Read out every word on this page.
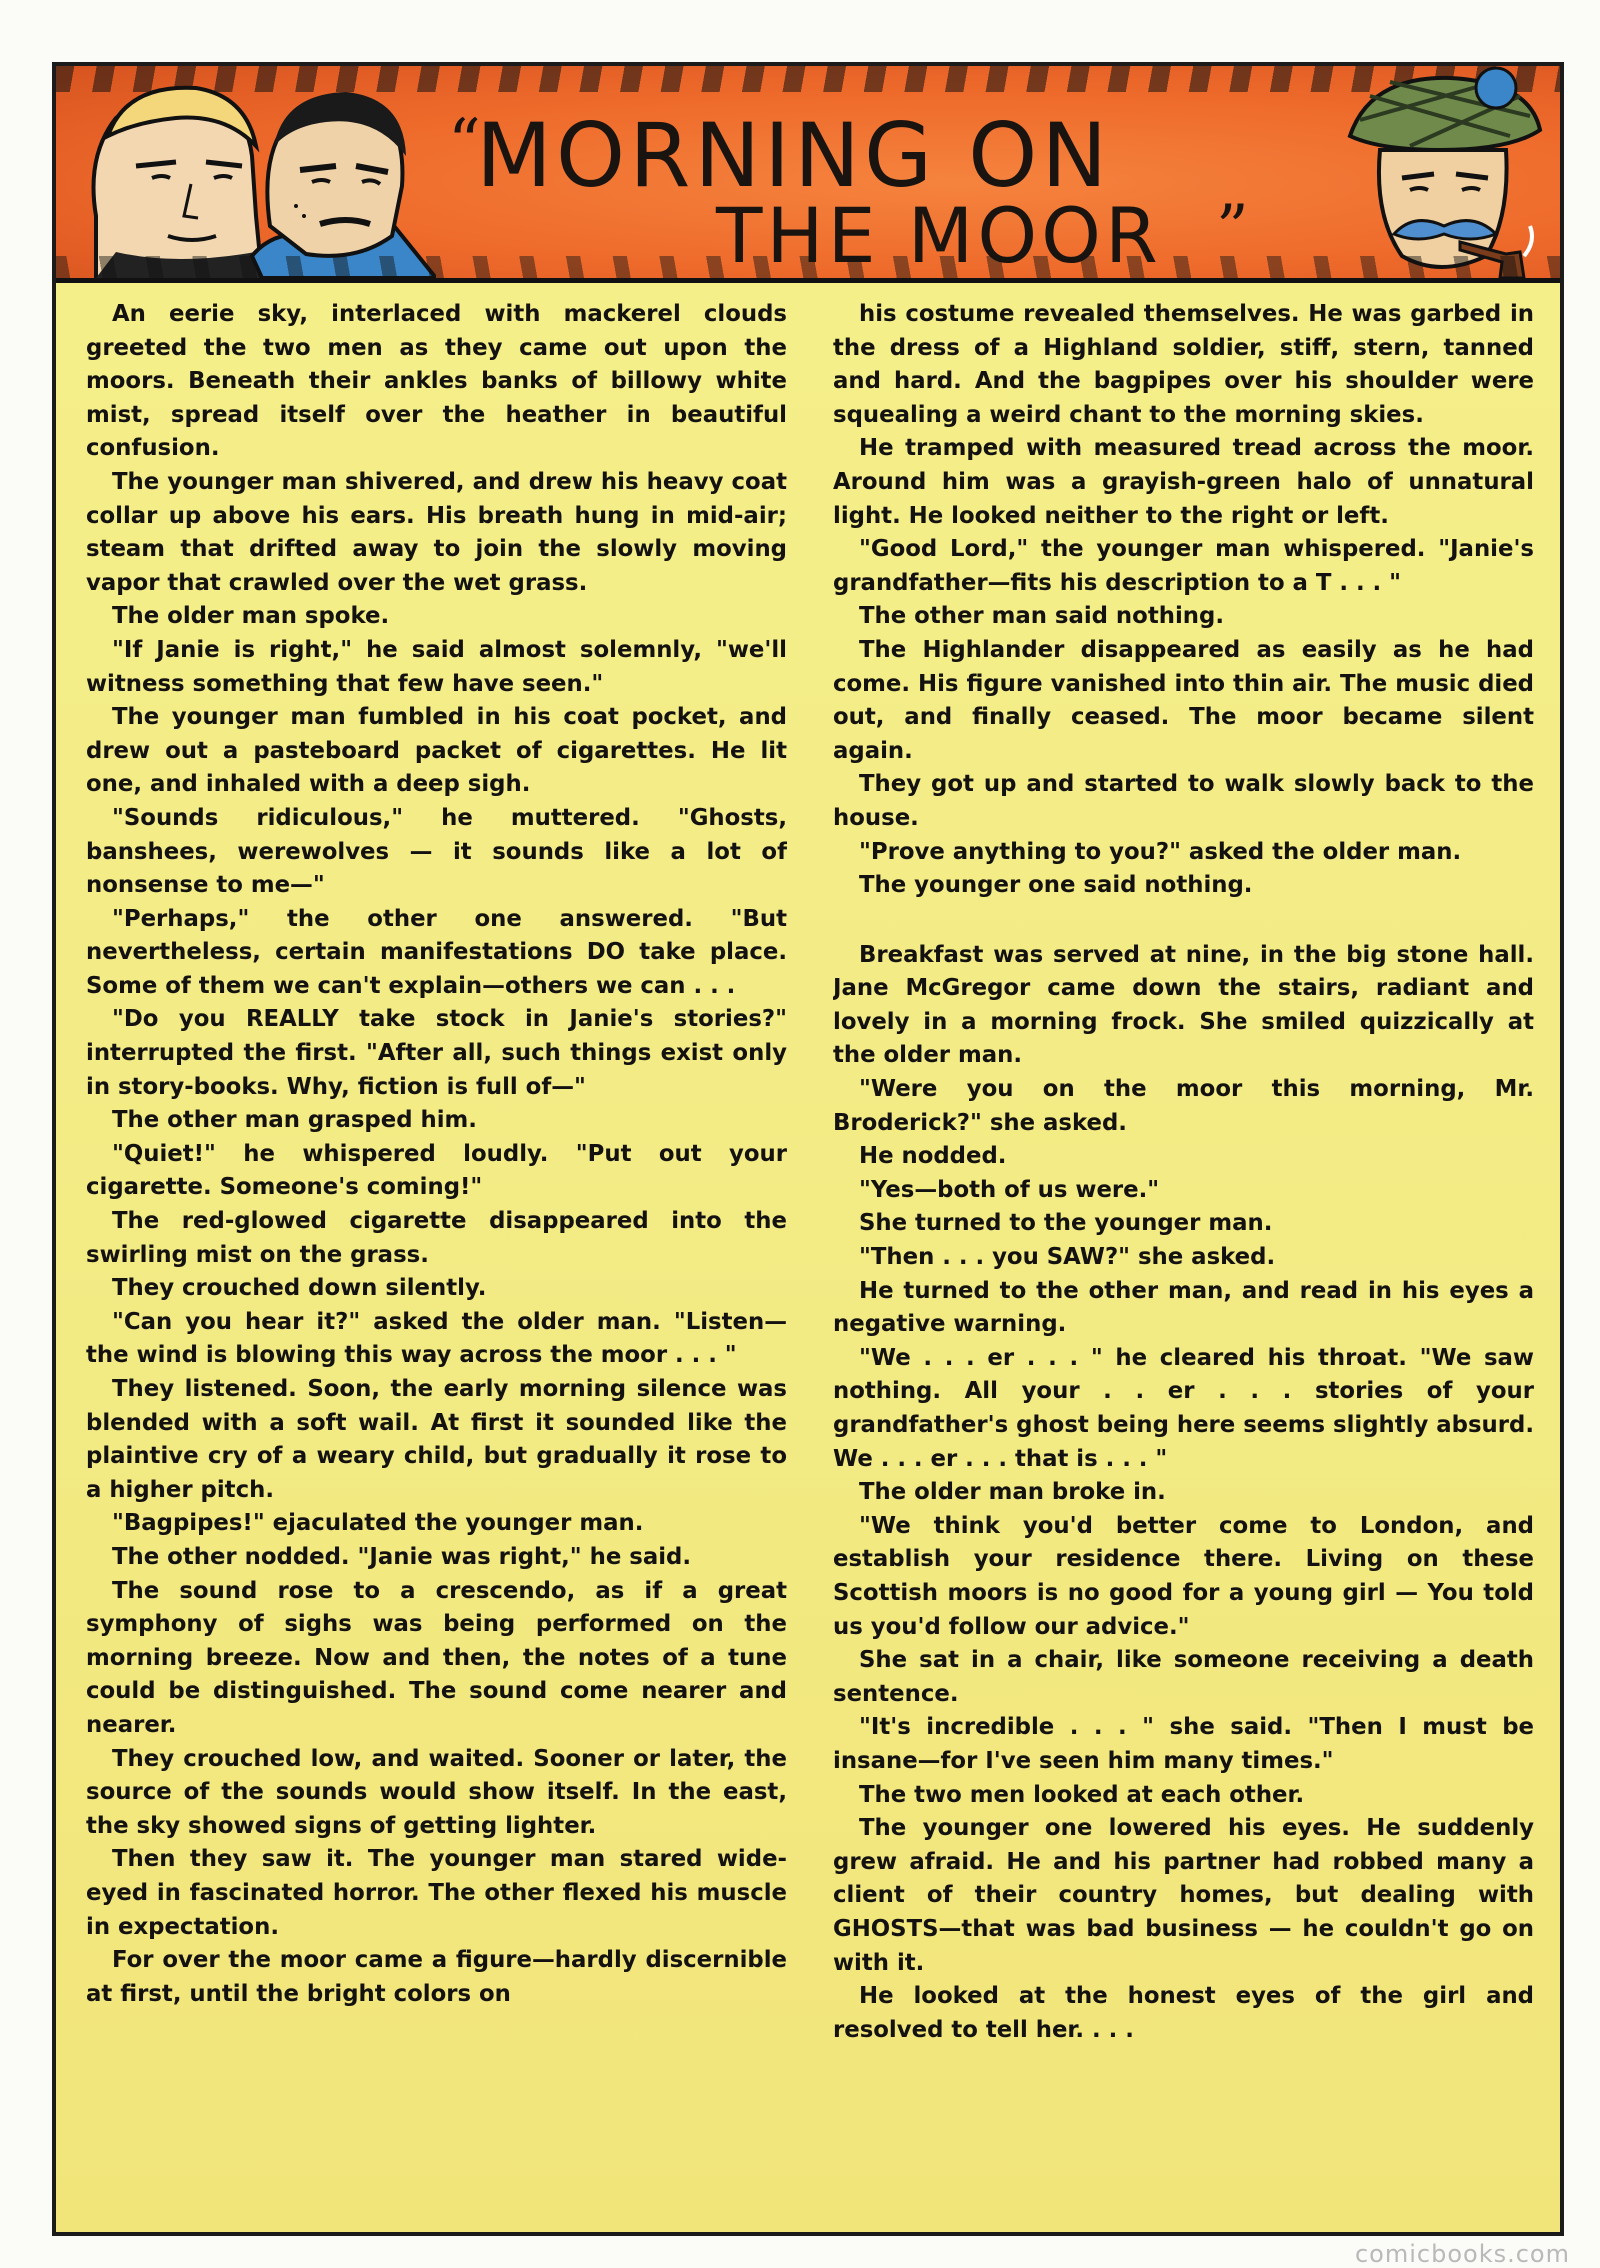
“
MORNING ON
THE MOOR ”

An eerie sky, interlaced with mackerel clouds greeted the two men as they came out upon the moors. Beneath their ankles banks of billowy white mist, spread itself over the heather in beautiful confusion.

The younger man shivered, and drew his heavy coat collar up above his ears. His breath hung in mid-air; steam that drifted away to join the slowly moving vapor that crawled over the wet grass.

The older man spoke.

"If Janie is right," he said almost solemnly, "we'll witness something that few have seen."

The younger man fumbled in his coat pocket, and drew out a pasteboard packet of cigarettes. He lit one, and inhaled with a deep sigh.

"Sounds ridiculous," he muttered. "Ghosts, banshees, werewolves — it sounds like a lot of nonsense to me—"

"Perhaps," the other one answered. "But nevertheless, certain manifestations DO take place. Some of them we can't explain—others we can . . .

"Do you REALLY take stock in Janie's stories?" interrupted the first. "After all, such things exist only in story-books. Why, fiction is full of—"

The other man grasped him.

"Quiet!" he whispered loudly. "Put out your cigarette. Someone's coming!"

The red-glowed cigarette disappeared into the swirling mist on the grass.

They crouched down silently.

"Can you hear it?" asked the older man. "Listen—the wind is blowing this way across the moor . . . "

They listened. Soon, the early morning silence was blended with a soft wail. At first it sounded like the plaintive cry of a weary child, but gradually it rose to a higher pitch.

"Bagpipes!" ejaculated the younger man.

The other nodded. "Janie was right," he said.

The sound rose to a crescendo, as if a great symphony of sighs was being performed on the morning breeze. Now and then, the notes of a tune could be distinguished. The sound come nearer and nearer.

They crouched low, and waited. Sooner or later, the source of the sounds would show itself. In the east, the sky showed signs of getting lighter.

Then they saw it. The younger man stared wide-eyed in fascinated horror. The other flexed his muscle in expectation.

For over the moor came a figure—hardly discernible at first, until the bright colors on

his costume revealed themselves. He was garbed in the dress of a Highland soldier, stiff, stern, tanned and hard. And the bagpipes over his shoulder were squealing a weird chant to the morning skies.

He tramped with measured tread across the moor. Around him was a grayish-green halo of unnatural light. He looked neither to the right or left.

"Good Lord," the younger man whispered. "Janie's grandfather—fits his description to a T . . . "

The other man said nothing.

The Highlander disappeared as easily as he had come. His figure vanished into thin air. The music died out, and finally ceased. The moor became silent again.

They got up and started to walk slowly back to the house.

"Prove anything to you?" asked the older man.

The younger one said nothing.

Breakfast was served at nine, in the big stone hall. Jane McGregor came down the stairs, radiant and lovely in a morning frock. She smiled quizzically at the older man.

"Were you on the moor this morning, Mr. Broderick?" she asked.

He nodded.

"Yes—both of us were."

She turned to the younger man.

"Then . . . you SAW?" she asked.

He turned to the other man, and read in his eyes a negative warning.

"We . . . er . . . " he cleared his throat. "We saw nothing. All your . . er . . . stories of your grandfather's ghost being here seems slightly absurd. We . . . er . . . that is . . . "

The older man broke in.

"We think you'd better come to London, and establish your residence there. Living on these Scottish moors is no good for a young girl — You told us you'd follow our advice."

She sat in a chair, like someone receiving a death sentence.

"It's incredible . . . " she said. "Then I must be insane—for I've seen him many times."

The two men looked at each other.

The younger one lowered his eyes. He suddenly grew afraid. He and his partner had robbed many a client of their country homes, but dealing with GHOSTS—that was bad business — he couldn't go on with it.

He looked at the honest eyes of the girl and resolved to tell her. . . .

comicbooks.com
